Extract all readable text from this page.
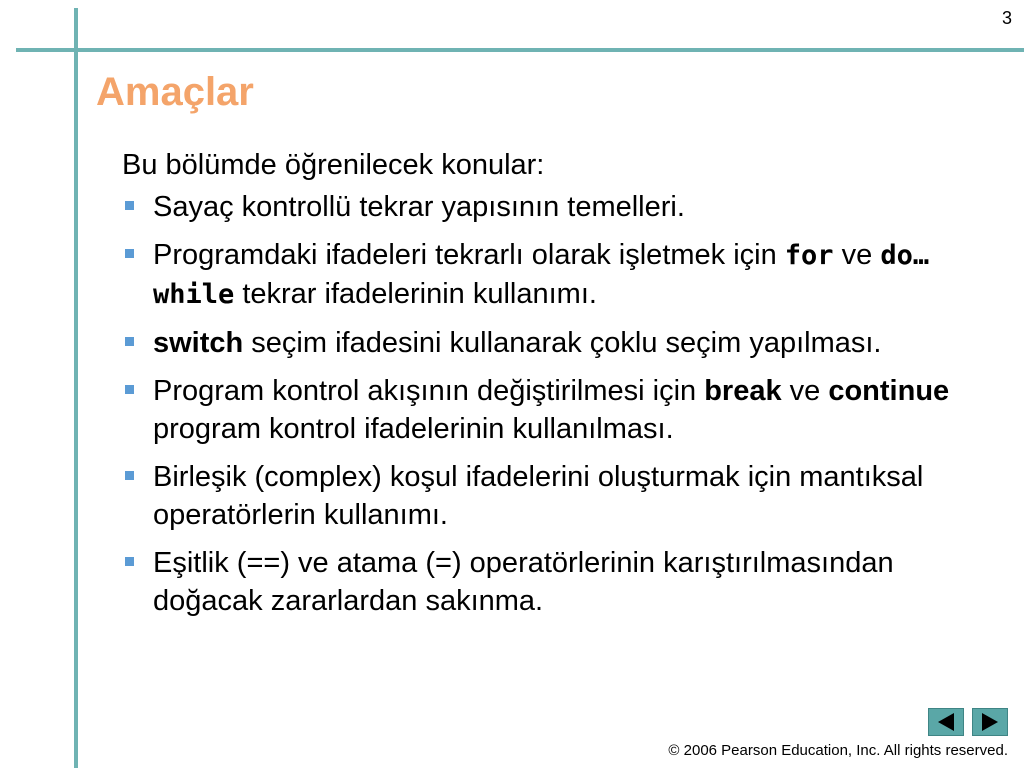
3
Amaçlar

Bu bölümde öğrenilecek konular:

Sayaç kontrollü tekrar yapısının temelleri.
Programdaki ifadeleri tekrarlı olarak işletmek için for ve do…while tekrar ifadelerinin kullanımı.
switch seçim ifadesini kullanarak çoklu seçim yapılması.
Program kontrol akışının değiştirilmesi için break ve continue program kontrol ifadelerinin kullanılması.
Birleşik (complex) koşul ifadelerini oluşturmak için mantıksal operatörlerin kullanımı.
Eşitlik (==) ve atama (=) operatörlerinin karıştırılmasından doğacak zararlardan sakınma.
© 2006 Pearson Education, Inc. All rights reserved.
